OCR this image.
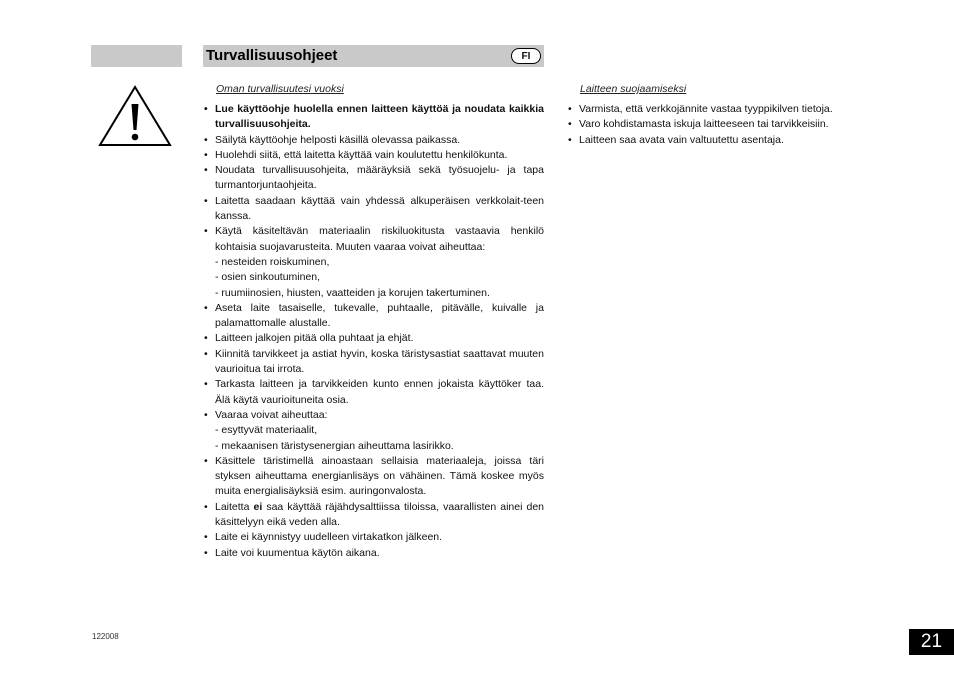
Turvallisuusohjeet	FI
Oman turvallisuutesi vuoksi	Laitteen suojaamiseksi

• Lue käyttöohje huolella ennen laitteen käyttöä ja noudata kaikkia turvallisuusohjeita.

• Säilytä käyttöohje helposti käsillä olevassa paikassa.

• Huolehdi siitä, että laitetta käyttää vain koulutettu henkilökunta.

• Noudata turvallisuusohjeita, määräyksiä sekä työsuojelu- ja tapa turmantorjuntaohjeita.

• Laitetta saadaan käyttää vain yhdessä alkuperäisen verkkolait-teen kanssa.

• Käytä käsiteltävän materiaalin riskiluokitusta vastaavia henkilö kohtaisia suojavarusteita. Muuten vaaraa voivat aiheuttaa:

- nesteiden roiskuminen,

- osien sinkoutuminen,

- ruumiinosien, hiusten, vaatteiden ja korujen takertuminen.

• Aseta laite tasaiselle, tukevalle, puhtaalle, pitävälle, kuivalle ja palamattomalle alustalle.

• Laitteen jalkojen pitää olla puhtaat ja ehjät.

• Kiinnitä tarvikkeet ja astiat hyvin, koska täristysastiat saattavat muuten vaurioitua tai irrota.

• Tarkasta laitteen ja tarvikkeiden kunto ennen jokaista käyttöker taa. Älä käytä vaurioituneita osia.

• Vaaraa voivat aiheuttaa:

- esyttyvät materiaalit,

- mekaanisen täristysenergian aiheuttama lasirikko.

• Käsittele täristimellä ainoastaan sellaisia materiaaleja, joissa täri styksen aiheuttama energianlisäys on vähäinen. Tämä koskee myös muita energialisäyksiä esim. auringonvalosta.

• Laitetta ei saa käyttää räjähdysalttiissa tiloissa, vaarallisten ainei den käsittelyyn eikä veden alla.

• Laite ei käynnistyy uudelleen virtakatkon jälkeen.

• Laite voi kuumentua käytön aikana.

• Varmista, että verkkojännite vastaa tyyppikilven tietoja.

• Varo kohdistamasta iskuja laitteeseen tai tarvikkeisiin.

• Laitteen saa avata vain valtuutettu asentaja.

122008	21
